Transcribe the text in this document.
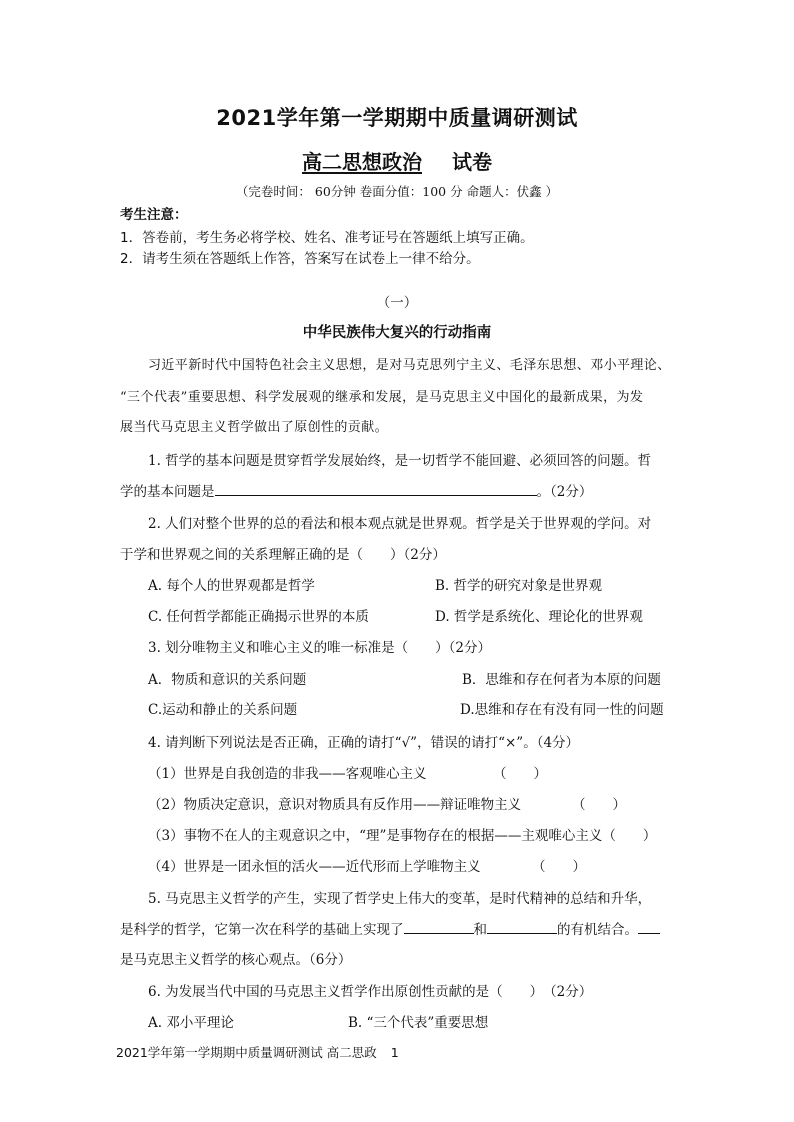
2021学年第一学期期中质量调研测试
高二思想政治 试卷
（完卷时间： 60分钟 卷面分值：100 分 命题人：伏鑫 ）
考生注意：
1．答卷前，考生务必将学校、姓名、准考证号在答题纸上填写正确。
2．请考生须在答题纸上作答，答案写在试卷上一律不给分。
（一）
中华民族伟大复兴的行动指南
习近平新时代中国特色社会主义思想，是对马克思列宁主义、毛泽东思想、邓小平理论、
“三个代表”重要思想、科学发展观的继承和发展，是马克思主义中国化的最新成果，为发
展当代马克思主义哲学做出了原创性的贡献。
1. 哲学的基本问题是贯穿哲学发展始终，是一切哲学不能回避、必须回答的问题。哲
学的基本问题是	。（2分）
2. 人们对整个世界的总的看法和根本观点就是世界观。哲学是关于世界观的学问。对
于学和世界观之间的关系理解正确的是（　　）（2分）
A. 每个人的世界观都是哲学	B. 哲学的研究对象是世界观
C. 任何哲学都能正确揭示世界的本质	D. 哲学是系统化、理论化的世界观
3. 划分唯物主义和唯心主义的唯一标准是（　　）（2分）
A．物质和意识的关系问题	B．思维和存在何者为本原的问题
C.运动和静止的关系问题	D.思维和存在有没有同一性的问题
4. 请判断下列说法是否正确，正确的请打“√”，错误的请打“×”。（4分）
（1）世界是自我创造的非我——客观唯心主义	（　　）
（2）物质决定意识，意识对物质具有反作用——辩证唯物主义	（　　）
（3）事物不在人的主观意识之中，“理”是事物存在的根据——主观唯心主义（　　）
（4）世界是一团永恒的活火——近代形而上学唯物主义	（　　）
5. 马克思主义哲学的产生，实现了哲学史上伟大的变革，是时代精神的总结和升华，
是科学的哲学，它第一次在科学的基础上实现了	和	的有机结合。
是马克思主义哲学的核心观点。（6分）
6. 为发展当代中国的马克思主义哲学作出原创性贡献的是（　　）　（2分）
A. 邓小平理论	B. “三个代表”重要思想
2021学年第一学期期中质量调研测试 高二思政 1
